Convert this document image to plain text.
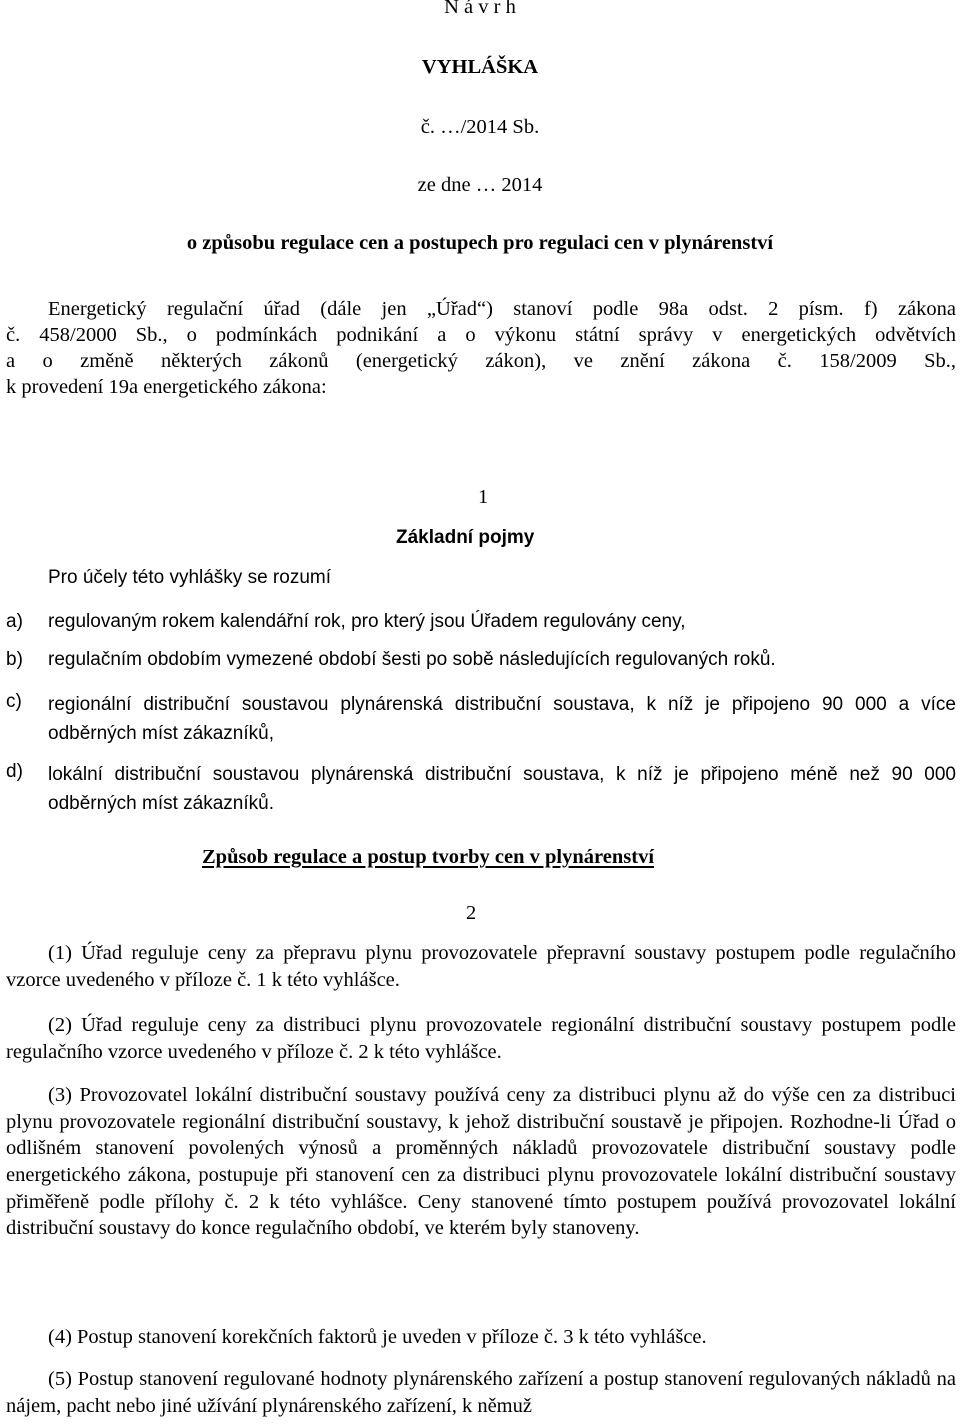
N á v r h

VYHLÁŠKA

č. …/2014 Sb.

ze dne … 2014

o způsobu regulace cen a postupech pro regulaci cen v plynárenství

Energetický regulační úřad (dále jen „Úřad“) stanoví podle 98a odst. 2 písm. f) zákona
č. 458/2000 Sb., o podmínkách podnikání a o výkonu státní správy v energetických odvětvích
a o změně některých zákonů (energetický zákon), ve znění zákona č. 158/2009 Sb.,
k provedení 19a energetického zákona:

1

Základní pojmy

Pro účely této vyhlášky se rozumí

a) regulovaným rokem kalendářní rok, pro který jsou Úřadem regulovány ceny,
b) regulačním obdobím vymezené období šesti po sobě následujících regulovaných roků.
c) regionální distribuční soustavou plynárenská distribuční soustava, k níž je připojeno 90 000 a více odběrných míst zákazníků,
d) lokální distribuční soustavou plynárenská distribuční soustava, k níž je připojeno méně než 90 000 odběrných míst zákazníků.

Způsob regulace a postup tvorby cen v plynárenství

2

(1) Úřad reguluje ceny za přepravu plynu provozovatele přepravní soustavy postupem podle regulačního vzorce uvedeného v příloze č. 1 k této vyhlášce.
(2) Úřad reguluje ceny za distribuci plynu provozovatele regionální distribuční soustavy postupem podle regulačního vzorce uvedeného v příloze č. 2 k této vyhlášce.
(3) Provozovatel lokální distribuční soustavy používá ceny za distribuci plynu až do výše cen za distribuci plynu provozovatele regionální distribuční soustavy, k jehož distribuční soustavě je připojen. Rozhodne-li Úřad o odlišném stanovení povolených výnosů a proměnných nákladů provozovatele distribuční soustavy podle energetického zákona, postupuje při stanovení cen za distribuci plynu provozovatele lokální distribuční soustavy přiměřeně podle přílohy č. 2 k této vyhlášce. Ceny stanovené tímto postupem používá provozovatel lokální distribuční soustavy do konce regulačního období, ve kterém byly stanoveny.
(4) Postup stanovení korekčních faktorů je uveden v příloze č. 3 k této vyhlášce.
(5) Postup stanovení regulované hodnoty plynárenského zařízení a postup stanovení regulovaných nákladů na nájem, pacht nebo jiné užívání plynárenského zařízení, k němuž
